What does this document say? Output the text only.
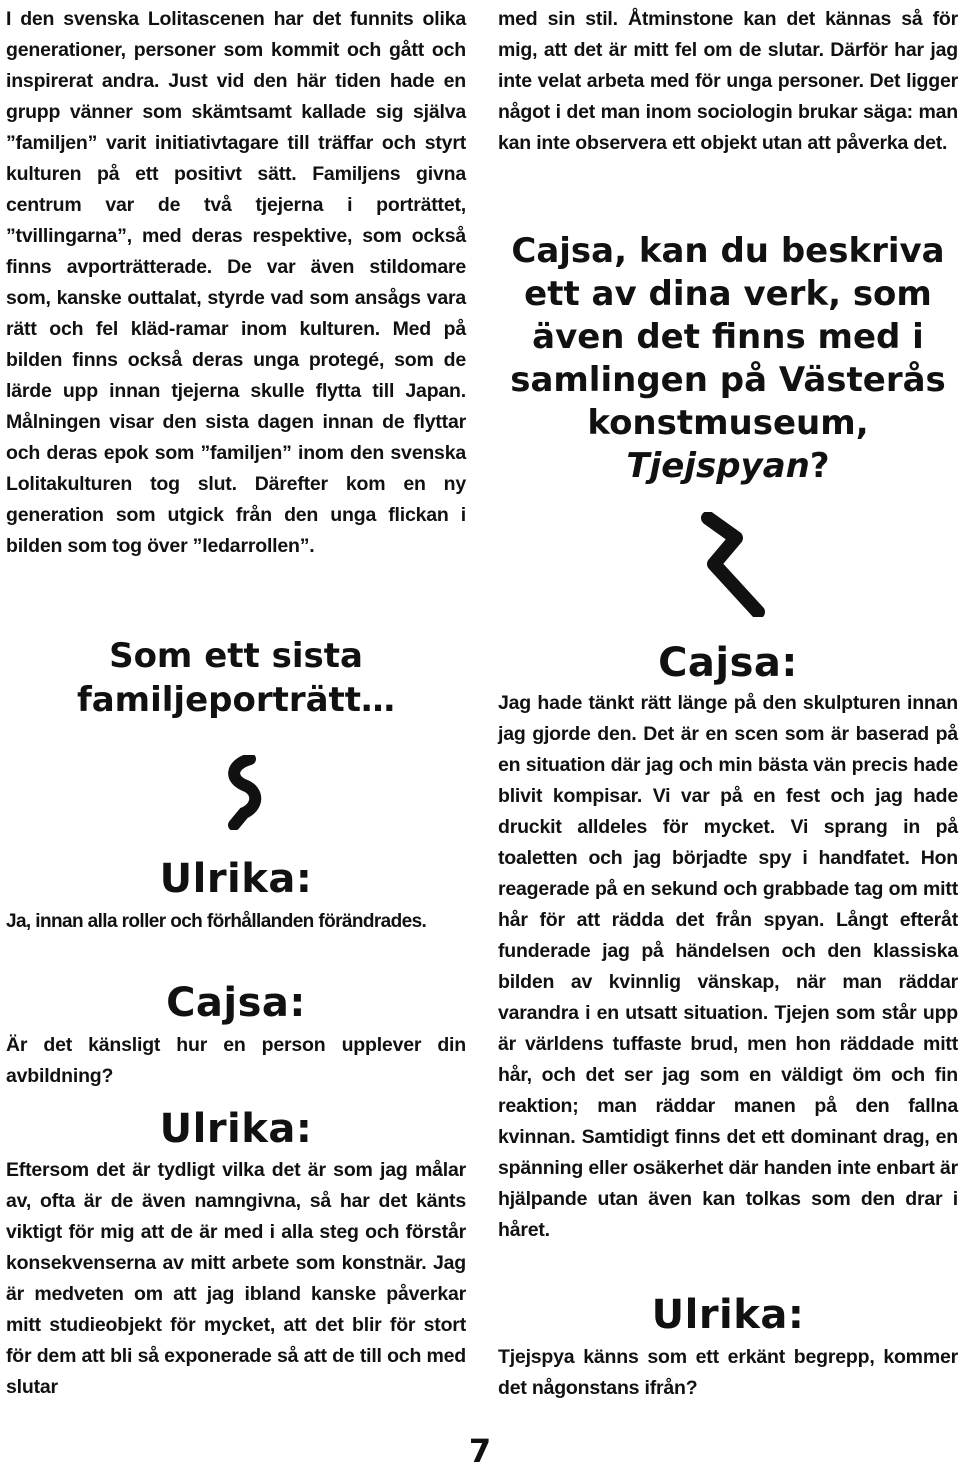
I den svenska Lolitascenen har det funnits olika generationer, personer som kommit och gått och inspirerat andra. Just vid den här tiden hade en grupp vänner som skämtsamt kallade sig själva ”familjen” varit initiativtagare till träffar och styrt kulturen på ett positivt sätt. Familjens givna centrum var de två tjejerna i porträttet, ”tvillingarna”, med deras respektive, som också finns avporträtterade. De var även stildomare som, kanske outtalat, styrde vad som ansågs vara rätt och fel kläd-ramar inom kulturen. Med på bilden finns också deras unga protegé, som de lärde upp innan tjejerna skulle flytta till Japan. Målningen visar den sista dagen innan de flyttar och deras epok som ”familjen” inom den svenska Lolitakulturen tog slut. Därefter kom en ny generation som utgick från den unga flickan i bilden som tog över ”ledarrollen”.

Som ett sista

familjeporträtt…

Ulrika:

Ja, innan alla roller och förhållanden förändrades.

Cajsa:

Är det känsligt hur en person upplever din avbildning?

Ulrika:

Eftersom det är tydligt vilka det är som jag målar av, ofta är de även namngivna, så har det känts viktigt för mig att de är med i alla steg och förstår konsekvenserna av mitt arbete som konstnär. Jag är medveten om att jag ibland kanske påverkar mitt studieobjekt för mycket, att det blir för stort för dem att bli så exponerade så att de till och med slutar

med sin stil. Åtminstone kan det kännas så för mig, att det är mitt fel om de slutar. Därför har jag inte velat arbeta med för unga personer. Det ligger något i det man inom sociologin brukar säga: man kan inte observera ett objekt utan att påverka det.

Cajsa, kan du beskriva ett av dina verk, som även det finns med i samlingen på Västerås konstmuseum, Tjejspyan?

Cajsa:

Jag hade tänkt rätt länge på den skulpturen innan jag gjorde den. Det är en scen som är baserad på en situation där jag och min bästa vän precis hade blivit kompisar. Vi var på en fest och jag hade druckit alldeles för mycket. Vi sprang in på toaletten och jag börjadte spy i handfatet. Hon reagerade på en sekund och grabbade tag om mitt hår för att rädda det från spyan. Långt efteråt funderade jag på händelsen och den klassiska bilden av kvinnlig vänskap, när man räddar varandra i en utsatt situation. Tjejen som står upp är världens tuffaste brud, men hon räddade mitt hår, och det ser jag som en väldigt öm och fin reaktion; man räddar manen på den fallna kvinnan. Samtidigt finns det ett dominant drag, en spänning eller osäkerhet där handen inte enbart är hjälpande utan även kan tolkas som den drar i håret.

Ulrika:

Tjejspya känns som ett erkänt begrepp, kommer det någonstans ifrån?

7
